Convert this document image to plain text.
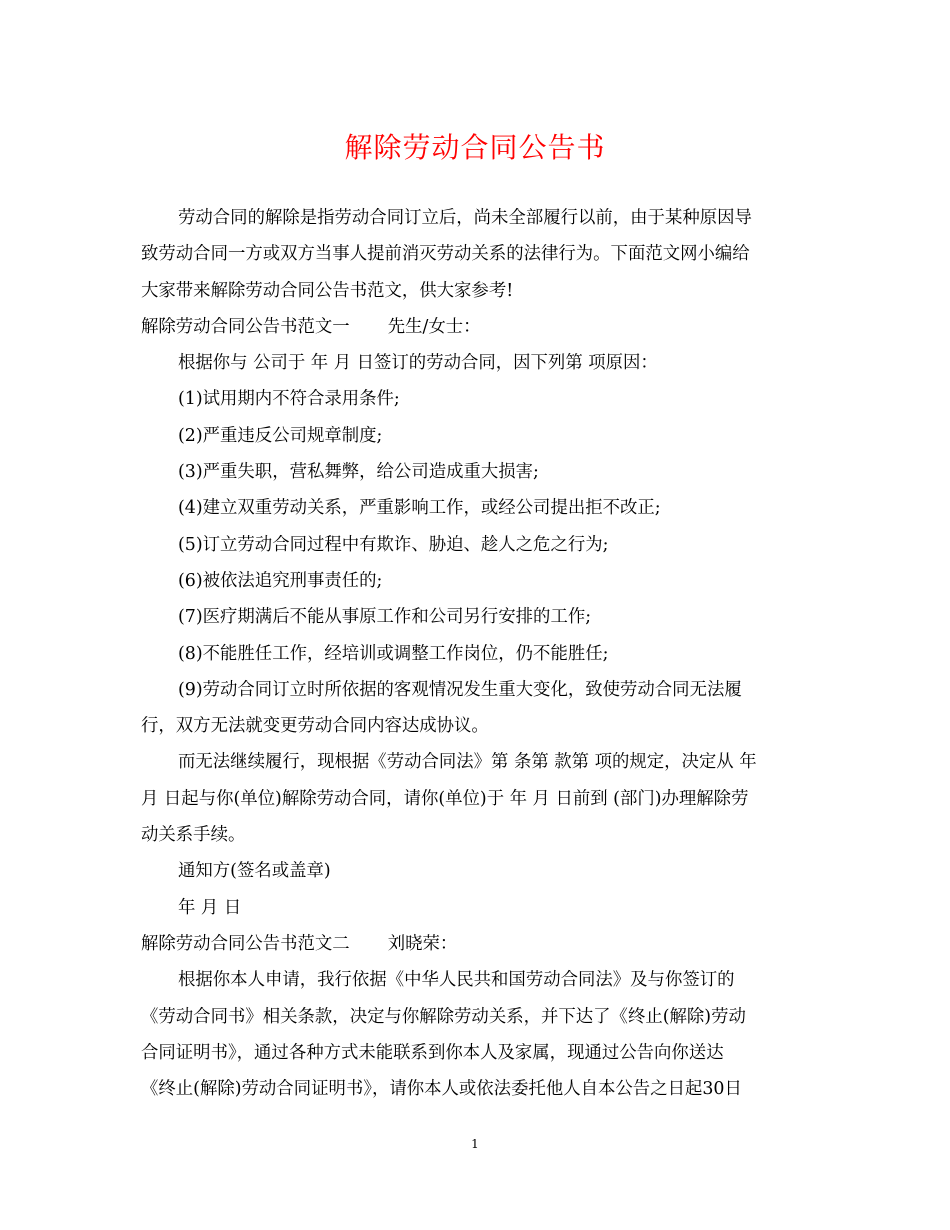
解除劳动合同公告书

劳动合同的解除是指劳动合同订立后，尚未全部履行以前，由于某种原因导

致劳动合同一方或双方当事人提前消灭劳动关系的法律行为。下面范文网小编给

大家带来解除劳动合同公告书范文，供大家参考!

解除劳动合同公告书范文一 先生/女士：

根据你与 公司于 年 月 日签订的劳动合同，因下列第 项原因：

(1)试用期内不符合录用条件;

(2)严重违反公司规章制度;

(3)严重失职，营私舞弊，给公司造成重大损害;

(4)建立双重劳动关系，严重影响工作，或经公司提出拒不改正;

(5)订立劳动合同过程中有欺诈、胁迫、趁人之危之行为;

(6)被依法追究刑事责任的;

(7)医疗期满后不能从事原工作和公司另行安排的工作;

(8)不能胜任工作，经培训或调整工作岗位，仍不能胜任;

(9)劳动合同订立时所依据的客观情况发生重大变化，致使劳动合同无法履

行，双方无法就变更劳动合同内容达成协议。

而无法继续履行，现根据《劳动合同法》第 条第 款第 项的规定，决定从 年

月 日起与你(单位)解除劳动合同，请你(单位)于 年 月 日前到 (部门)办理解除劳

动关系手续。

通知方(签名或盖章)

年 月 日

解除劳动合同公告书范文二 刘晓荣：

根据你本人申请，我行依据《中华人民共和国劳动合同法》及与你签订的

《劳动合同书》相关条款，决定与你解除劳动关系，并下达了《终止(解除)劳动

合同证明书》，通过各种方式未能联系到你本人及家属，现通过公告向你送达

《终止(解除)劳动合同证明书》，请你本人或依法委托他人自本公告之日起30日

1
